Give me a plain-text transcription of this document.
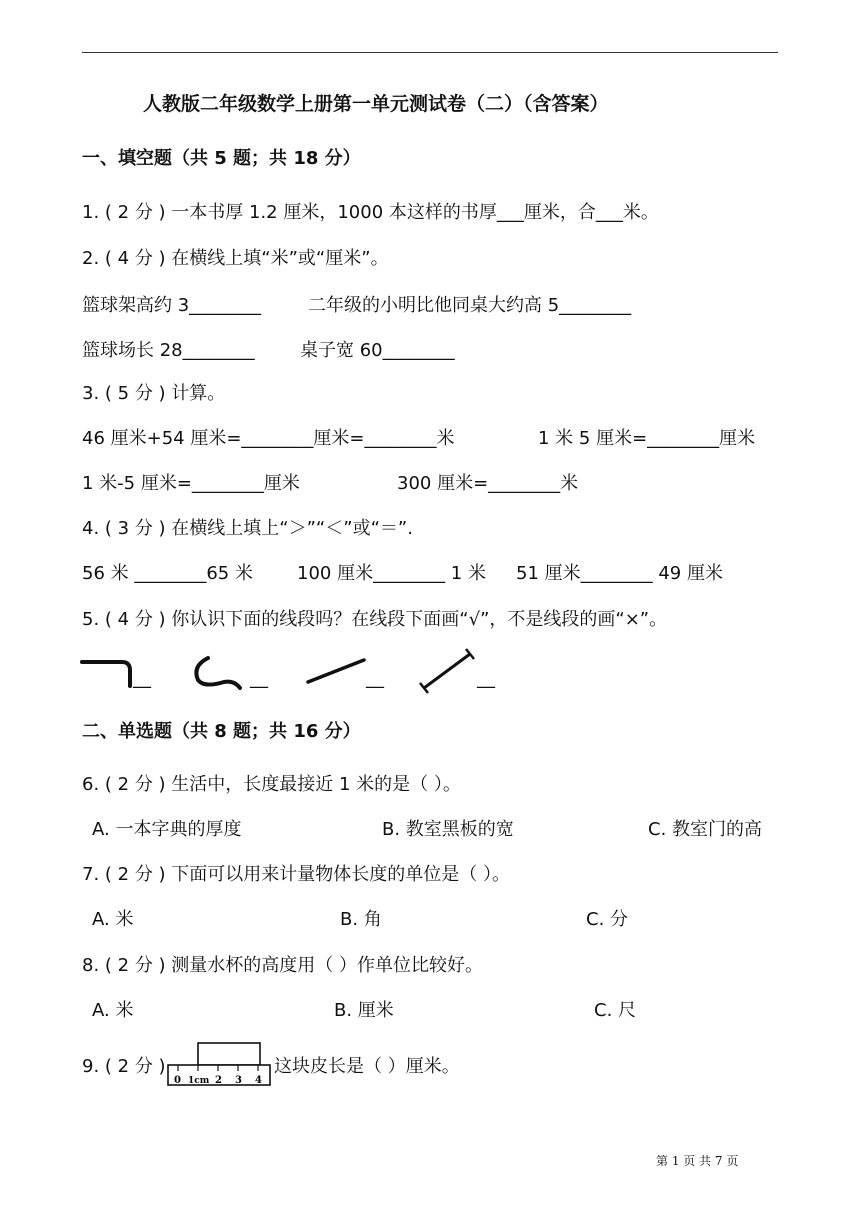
人教版二年级数学上册第一单元测试卷（二）（含答案）
一、填空题（共 5 题；共 18 分）
1. ( 2 分 ) 一本书厚 1.2 厘米，1000 本这样的书厚___厘米，合___米。
2. ( 4 分 ) 在横线上填“米”或“厘米”。
篮球架高约 3________	二年级的小明比他同桌大约高 5________
篮球场长 28________	桌子宽 60________
3. ( 5 分 ) 计算。
46 厘米+54 厘米=________厘米=________米	1 米 5 厘米=________厘米
1 米-5 厘米=________厘米	300 厘米=________米
4. ( 3 分 ) 在横线上填上“＞”“＜”或“＝”.
56 米 ________65 米 100 厘米________ 1 米 51 厘米________ 49 厘米
5. ( 4 分 ) 你认识下面的线段吗？在线段下面画“√”，不是线段的画“×”。
__	__	__	__
二、单选题（共 8 题；共 16 分）
6. ( 2 分 ) 生活中，长度最接近 1 米的是（ ）。
A. 一本字典的厚度	B. 教室黑板的宽	C. 教室门的高
7. ( 2 分 ) 下面可以用来计量物体长度的单位是（ ）。
A. 米	B. 角	C. 分
8. ( 2 分 ) 测量水杯的高度用（ ）作单位比较好。
A. 米	B. 厘米	C. 尺
9. ( 2 分 )
0 1cm 2 3 4
这块皮长是（ ）厘米。
第 1 页 共 7 页
